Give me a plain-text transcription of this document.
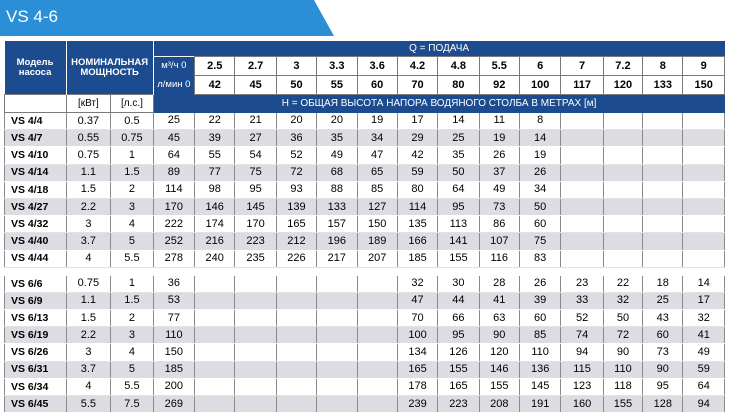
VS 4-6
Модель насоса	НОМИНАЛЬНАЯ МОЩНОСТЬ		Q = ПОДАЧА													
			м³/ч 0	2.5	2.7	3	3.3	3.6	4.2	4.8	5.5	6	7	7.2	8	9
			л/мин 0	42	45	50	55	60	70	80	92	100	117	120	133	150
	[кВт]	[л.с.]	Н = ОБЩАЯ ВЫСОТА НАПОРА ВОДЯНОГО СТОЛБА В МЕТРАХ [м]													
VS 4/4	0.37	0.5	25	22	21	20	20	19	17	14	11	8				
VS 4/7	0.55	0.75	45	39	27	36	35	34	29	25	19	14				
VS 4/10	0.75	1	64	55	54	52	49	47	42	35	26	19				
VS 4/14	1.1	1.5	89	77	75	72	68	65	59	50	37	26				
VS 4/18	1.5	2	114	98	95	93	88	85	80	64	49	34				
VS 4/27	2.2	3	170	146	145	139	133	127	114	95	73	50				
VS 4/32	3	4	222	174	170	165	157	150	135	113	86	60				
VS 4/40	3.7	5	252	216	223	212	196	189	166	141	107	75				
VS 4/44	4	5.5	278	240	235	226	217	207	185	155	116	83				

VS 6/6	0.75	1	36						32	30	28	26	23	22	18	14
VS 6/9	1.1	1.5	53						47	44	41	39	33	32	25	17
VS 6/13	1.5	2	77						70	66	63	60	52	50	43	32
VS 6/19	2.2	3	110						100	95	90	85	74	72	60	41
VS 6/26	3	4	150						134	126	120	110	94	90	73	49
VS 6/31	3.7	5	185						165	155	146	136	115	110	90	59
VS 6/34	4	5.5	200						178	165	155	145	123	118	95	64
VS 6/45	5.5	7.5	269						239	223	208	191	160	155	128	94
